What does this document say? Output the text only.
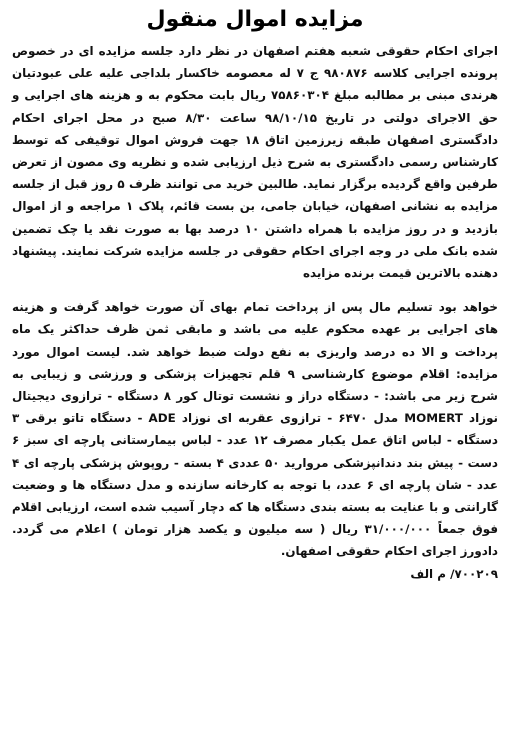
مزایده اموال منقول

اجرای احکام حقوقی شعبه هفتم اصفهان در نظر دارد جلسه مزایده ای در خصوص پرونده اجرایی کلاسه ۹۸۰۸۷۶ ج ۷ له معصومه خاکسار بلداجی علیه علی عبودتیان هرندی مبنی بر مطالبه مبلغ ۷۵۸۶۰۳۰۴ ریال بابت محکوم به و هزینه های اجرایی و حق الاجرای دولتی در تاریخ ۹۸/۱۰/۱۵ ساعت ۸/۳۰ صبح در محل اجرای احکام دادگستری اصفهان طبقه زیرزمین اتاق ۱۸ جهت فروش اموال توقیفی که توسط کارشناس رسمی دادگستری به شرح ذیل ارزیابی شده و نظریه وی مصون از تعرض طرفین واقع گردیده برگزار نماید. طالبین خرید می توانند ظرف ۵ روز قبل از جلسه مزایده به نشانی اصفهان، خیابان جامی، بن بست قائم، پلاک ۱ مراجعه و از اموال بازدید و در روز مزایده با همراه داشتن ۱۰ درصد بها به صورت نقد یا چک تضمین شده بانک ملی در وجه اجرای احکام حقوقی در جلسه مزایده شرکت نمایند. پیشنهاد دهنده بالاترین قیمت برنده مزایده

خواهد بود تسلیم مال پس از پرداخت تمام بهای آن صورت خواهد گرفت و هزینه های اجرایی بر عهده محکوم علیه می باشد و مابقی ثمن ظرف حداکثر یک ماه پرداخت و الا ده درصد واریزی به نفع دولت ضبط خواهد شد. لیست اموال مورد مزایده: اقلام موضوع کارشناسی ۹ قلم تجهیزات پزشکی و ورزشی و زیبایی به شرح زیر می باشد: - دستگاه دراز و نشست توتال کور ۸ دستگاه - ترازوی دیجیتال نوزاد MOMERT مدل ۶۴۷۰ - ترازوی عقربه ای نوزاد ADE - دستگاه تاتو برقی ۳ دستگاه - لباس اتاق عمل یکبار مصرف ۱۲ عدد - لباس بیمارستانی پارچه ای سبز ۶ دست - پیش بند دندانپزشکی مروارید ۵۰ عددی ۴ بسته - روپوش پزشکی پارچه ای ۴ عدد - شان پارچه ای ۶ عدد، با توجه به کارخانه سازنده و مدل دستگاه ها و وضعیت گارانتی و با عنایت به بسته بندی دستگاه ها که دچار آسیب شده است، ارزیابی اقلام فوق جمعاً ۳۱/۰۰۰/۰۰۰ ریال ( سه میلیون و یکصد هزار تومان ) اعلام می گردد. دادورز اجرای احکام حقوقی اصفهان.

۷۰۰۲۰۹/ م الف
